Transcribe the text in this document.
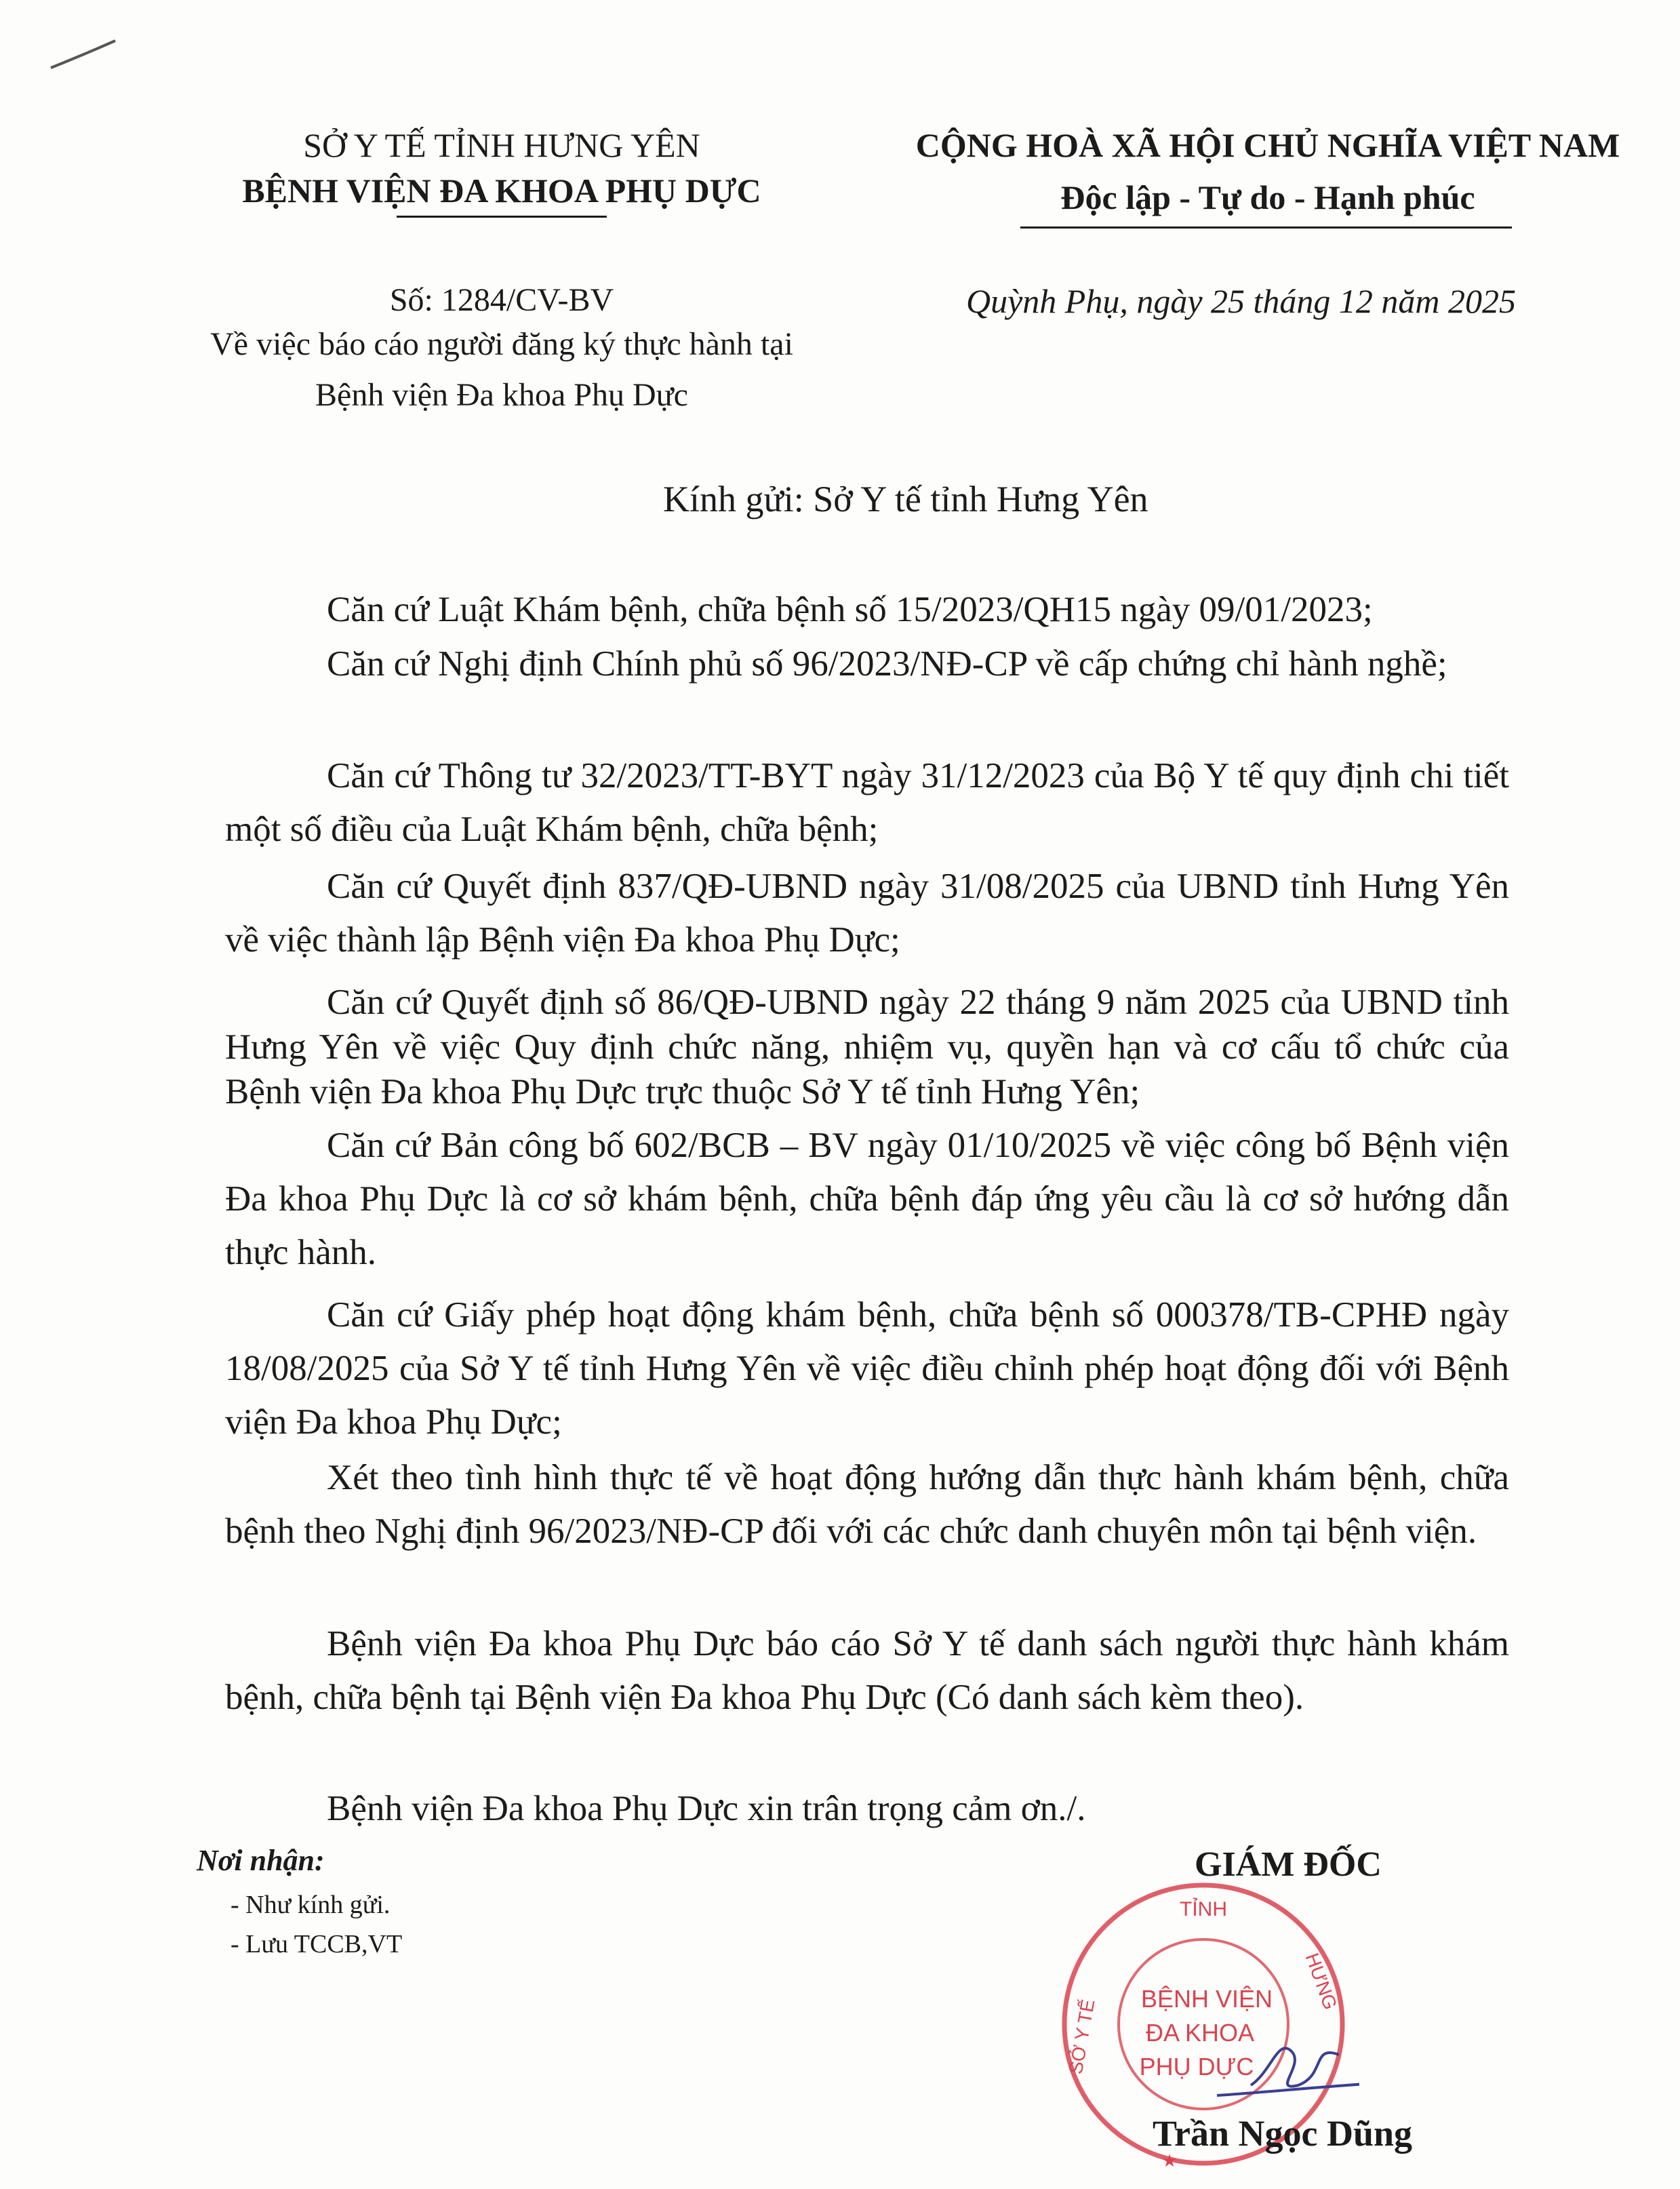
SỞ Y TẾ TỈNH HƯNG YÊN
BỆNH VIỆN ĐA KHOA PHỤ DỰC
CỘNG HOÀ XÃ HỘI CHỦ NGHĨA VIỆT NAM
Độc lập - Tự do - Hạnh phúc
Số: 1284/CV-BV
Về việc báo cáo người đăng ký thực hành tại
Bệnh viện Đa khoa Phụ Dực
Quỳnh Phụ, ngày 25 tháng 12 năm 2025
Kính gửi: Sở Y tế tỉnh Hưng Yên

Căn cứ Luật Khám bệnh, chữa bệnh số 15/2023/QH15 ngày 09/01/2023;

Căn cứ Nghị định Chính phủ số 96/2023/NĐ-CP về cấp chứng chỉ hành nghề;

Căn cứ Thông tư 32/2023/TT-BYT ngày 31/12/2023 của Bộ Y tế quy định chi tiết một số điều của Luật Khám bệnh, chữa bệnh;

Căn cứ Quyết định 837/QĐ-UBND ngày 31/08/2025 của UBND tỉnh Hưng Yên về việc thành lập Bệnh viện Đa khoa Phụ Dực;

Căn cứ Quyết định số 86/QĐ-UBND ngày 22 tháng 9 năm 2025 của UBND tỉnh Hưng Yên về việc Quy định chức năng, nhiệm vụ, quyền hạn và cơ cấu tổ chức của Bệnh viện Đa khoa Phụ Dực trực thuộc Sở Y tế tỉnh Hưng Yên;

Căn cứ Bản công bố 602/BCB – BV ngày 01/10/2025 về việc công bố Bệnh viện Đa khoa Phụ Dực là cơ sở khám bệnh, chữa bệnh đáp ứng yêu cầu là cơ sở hướng dẫn thực hành.

Căn cứ Giấy phép hoạt động khám bệnh, chữa bệnh số 000378/TB-CPHĐ ngày 18/08/2025 của Sở Y tế tỉnh Hưng Yên về việc điều chỉnh phép hoạt động đối với Bệnh viện Đa khoa Phụ Dực;

Xét theo tình hình thực tế về hoạt động hướng dẫn thực hành khám bệnh, chữa bệnh theo Nghị định 96/2023/NĐ-CP đối với các chức danh chuyên môn tại bệnh viện.

Bệnh viện Đa khoa Phụ Dực báo cáo Sở Y tế danh sách người thực hành khám bệnh, chữa bệnh tại Bệnh viện Đa khoa Phụ Dực (Có danh sách kèm theo).

Bệnh viện Đa khoa Phụ Dực xin trân trọng cảm ơn./.

Nơi nhận:
- Như kính gửi.
- Lưu TCCB,VT
GIÁM ĐỐC
TỈNH
SỞ Y TẾ
HƯNG
BỆNH VIỆN
ĐA KHOA
PHỤ DỰC
★
Trần Ngọc Dũng
